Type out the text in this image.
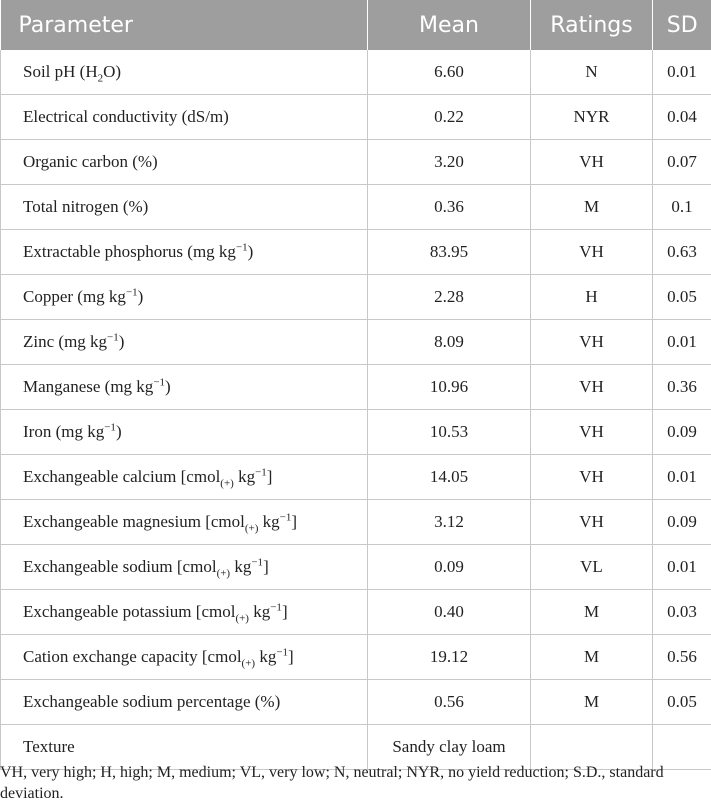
Parameter	Mean	Ratings	SD
Soil pH $(H_2O)$	6.60	N	0.01
Electrical conductivity (dS/m)	0.22	NYR	0.04
Organic carbon (%)	3.20	VH	0.07
Total nitrogen (%)	0.36	M	0.1
Extractable phosphorus (mg $kg^{-1}$)	83.95	VH	0.63
Copper (mg $kg^{-1}$)	2.28	H	0.05
Zinc (mg $kg^{-1}$)	8.09	VH	0.01
Manganese (mg $kg^{-1}$)	10.96	VH	0.36
Iron (mg $kg^{-1}$)	10.53	VH	0.09
Exchangeable calcium [cmol$_{(+)}$ $kg^{-1}$]	14.05	VH	0.01
Exchangeable magnesium [cmol$_{(+)}$ $kg^{-1}$]	3.12	VH	0.09
Exchangeable sodium [cmol$_{(+)}$ $kg^{-1}$]	0.09	VL	0.01
Exchangeable potassium [cmol$_{(+)}$ $kg^{-1}$]	0.40	M	0.03
Cation exchange capacity [cmol$_{(+)}$ $kg^{-1}$]	19.12	M	0.56
Exchangeable sodium percentage (%)	0.56	M	0.05
Texture	Sandy clay loam		

VH, very high; H, high; M, medium; VL, very low; N, neutral; NYR, no yield reduction; S.D., standard deviation.
